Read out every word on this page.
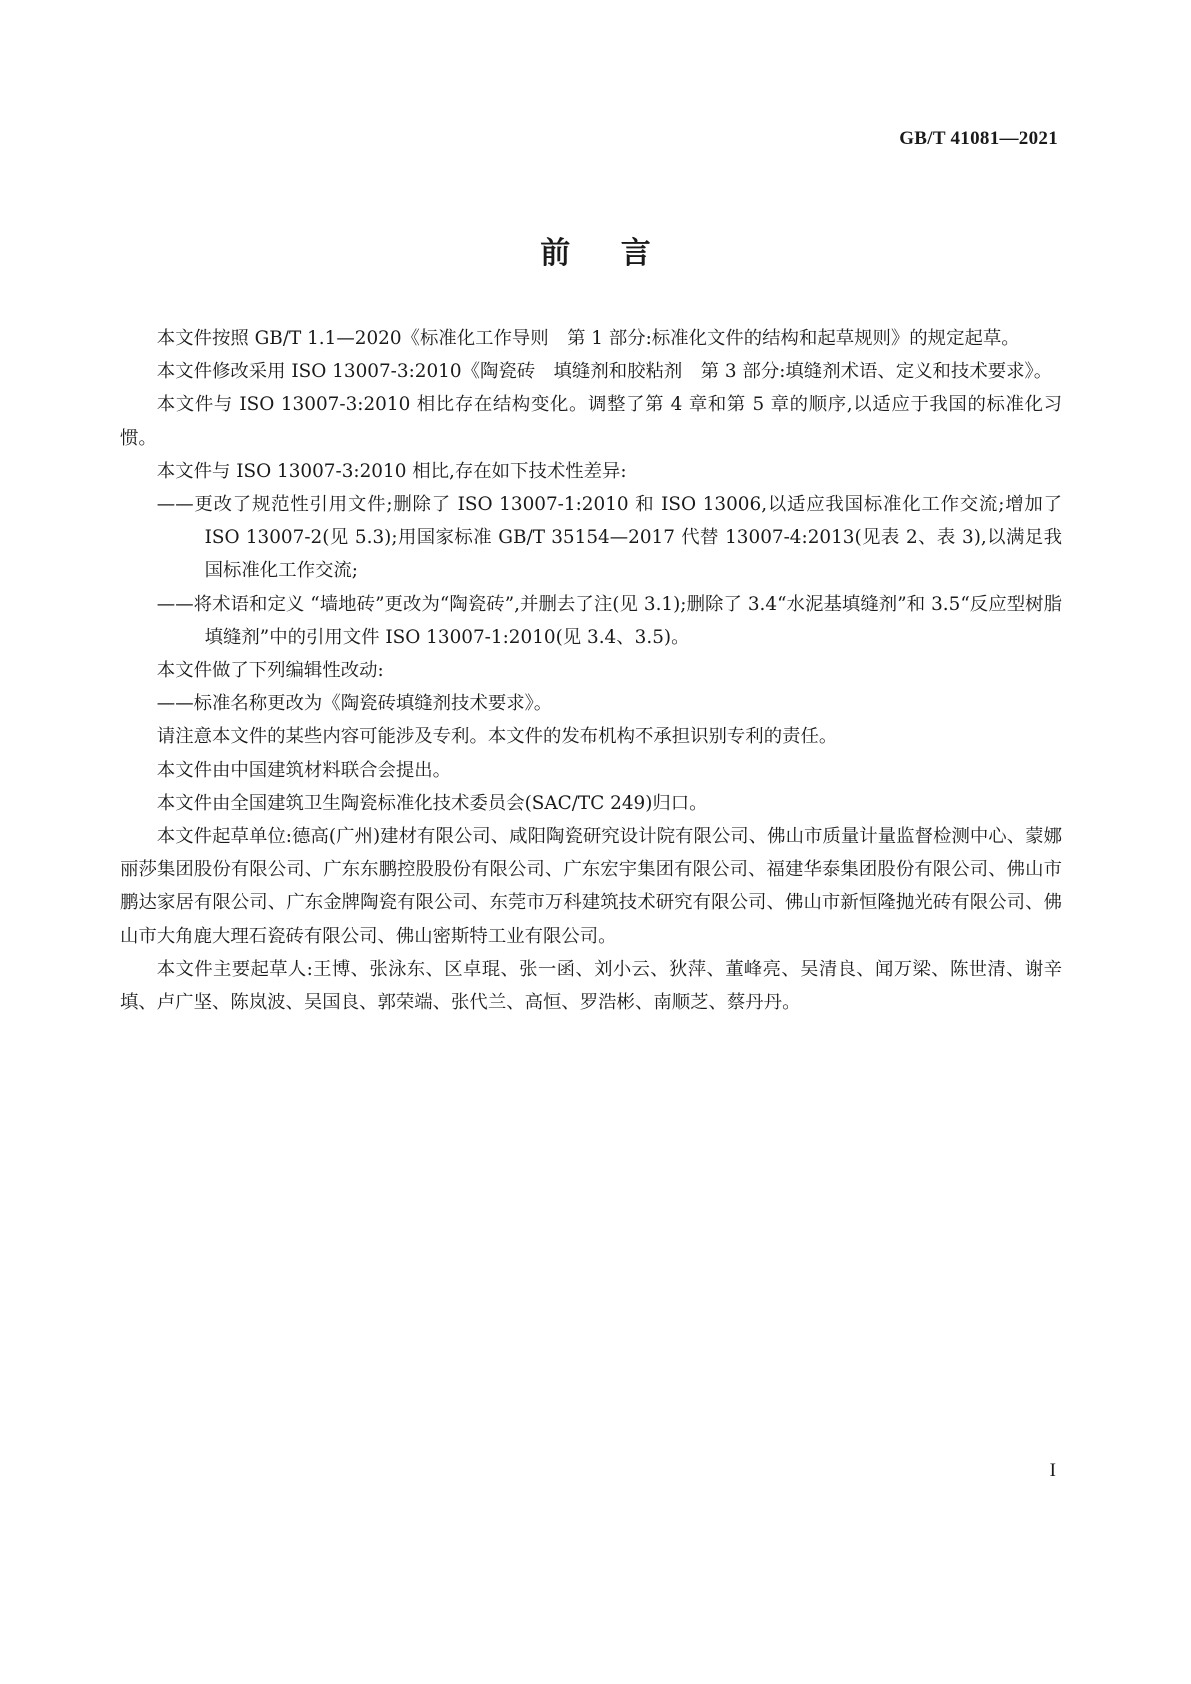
GB/T 41081—2021
前 言

本文件按照 GB/T 1.1—2020《标准化工作导则　第 1 部分:标准化文件的结构和起草规则》的规定起草。

本文件修改采用 ISO 13007-3:2010《陶瓷砖　填缝剂和胶粘剂　第 3 部分:填缝剂术语、定义和技术要求》。

本文件与 ISO 13007-3:2010 相比存在结构变化。调整了第 4 章和第 5 章的顺序,以适应于我国的标准化习惯。

本文件与 ISO 13007-3:2010 相比,存在如下技术性差异:

——更改了规范性引用文件;删除了 ISO 13007-1:2010 和 ISO 13006,以适应我国标准化工作交流;增加了 ISO 13007-2(见 5.3);用国家标准 GB/T 35154—2017 代替 13007-4:2013(见表 2、表 3),以满足我国标准化工作交流;

——将术语和定义 “墙地砖”更改为“陶瓷砖”,并删去了注(见 3.1);删除了 3.4“水泥基填缝剂”和 3.5“反应型树脂填缝剂”中的引用文件 ISO 13007-1:2010(见 3.4、3.5)。

本文件做了下列编辑性改动:

——标准名称更改为《陶瓷砖填缝剂技术要求》。

请注意本文件的某些内容可能涉及专利。本文件的发布机构不承担识别专利的责任。

本文件由中国建筑材料联合会提出。

本文件由全国建筑卫生陶瓷标准化技术委员会(SAC/TC 249)归口。

本文件起草单位:德高(广州)建材有限公司、咸阳陶瓷研究设计院有限公司、佛山市质量计量监督检测中心、蒙娜丽莎集团股份有限公司、广东东鹏控股股份有限公司、广东宏宇集团有限公司、福建华泰集团股份有限公司、佛山市鹏达家居有限公司、广东金牌陶瓷有限公司、东莞市万科建筑技术研究有限公司、佛山市新恒隆抛光砖有限公司、佛山市大角鹿大理石瓷砖有限公司、佛山密斯特工业有限公司。

本文件主要起草人:王博、张泳东、区卓琨、张一函、刘小云、狄萍、董峰亮、吴清良、闻万梁、陈世清、谢辛填、卢广坚、陈岚波、吴国良、郭荣端、张代兰、高恒、罗浩彬、南顺芝、蔡丹丹。

I
